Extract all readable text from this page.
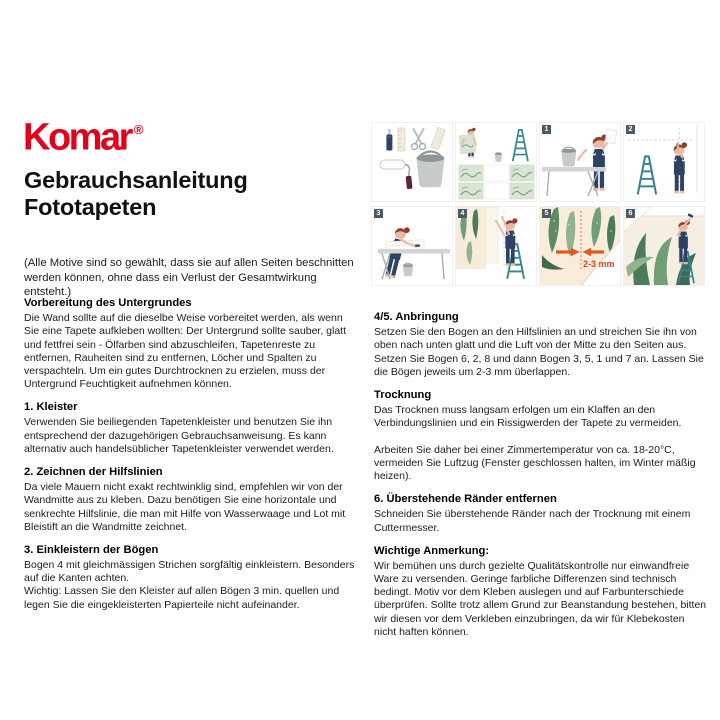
Komar ®
Gebrauchsanleitung
Fototapeten

(Alle Motive sind so gewählt, dass sie auf allen Seiten beschnitten werden können, ohne dass ein Verlust der Gesamtwirkung entsteht.)

1	2
3	4	5
2-3 mm
6
Vorbereitung des Untergrundes

Die Wand sollte auf die dieselbe Weise vorbereitet werden, als wenn Sie eine Tapete aufkleben wollten: Der Untergrund sollte sauber, glatt und fettfrei sein - Ölfarben sind abzuschleifen, Tapetenreste zu entfernen, Rauheiten sind zu entfernen, Löcher und Spalten zu verspachteln. Um ein gutes Durchtrocknen zu erzielen, muss der Untergrund Feuchtigkeit aufnehmen können.

1. Kleister

Verwenden Sie beiliegenden Tapetenkleister und benutzen Sie ihn entsprechend der dazugehörigen Gebrauchsanweisung. Es kann alternativ auch handelsüblicher Tapetenkleister verwendet werden.

2. Zeichnen der Hilfslinien

Da viele Mauern nicht exakt rechtwinklig sind, empfehlen wir von der Wandmitte aus zu kleben. Dazu benötigen Sie eine horizontale und senkrechte Hilfslinie, die man mit Hilfe von Wasserwaage und Lot mit Bleistift an die Wandmitte zeichnet.

3. Einkleistern der Bögen

Bogen 4 mit gleichmässigen Strichen sorgfältig einkleistern. Besonders auf die Kanten achten.

Wichtig: Lassen Sie den Kleister auf allen Bögen 3 min. quellen und legen Sie die eingekleisterten Papierteile nicht aufeinander.

4/5. Anbringung

Setzen Sie den Bogen an den Hilfslinien an und streichen Sie ihn von oben nach unten glatt und die Luft von der Mitte zu den Seiten aus. Setzen Sie Bogen 6, 2, 8 und dann Bogen 3, 5, 1 und 7 an. Lassen Sie die Bögen jeweils um 2-3 mm überlappen.

Trocknung

Das Trocknen muss langsam erfolgen um ein Klaffen an den Verbindungslinien und ein Rissigwerden der Tapete zu vermeiden.

Arbeiten Sie daher bei einer Zimmertemperatur von ca. 18-20°C, vermeiden Sie Luftzug (Fenster geschlossen halten, im Winter mäßig heizen).

6. Überstehende Ränder entfernen

Schneiden Sie überstehende Ränder nach der Trocknung mit einem Cuttermesser.

Wichtige Anmerkung:

Wir bemühen uns durch gezielte Qualitätskontrolle nur einwandfreie Ware zu versenden. Geringe farbliche Differenzen sind technisch bedingt. Motiv vor dem Kleben auslegen und auf Farbunterschiede überprüfen. Sollte trotz allem Grund zur Beanstandung bestehen, bitten wir diesen vor dem Verkleben einzubringen, da wir für Klebekosten nicht haften können.
